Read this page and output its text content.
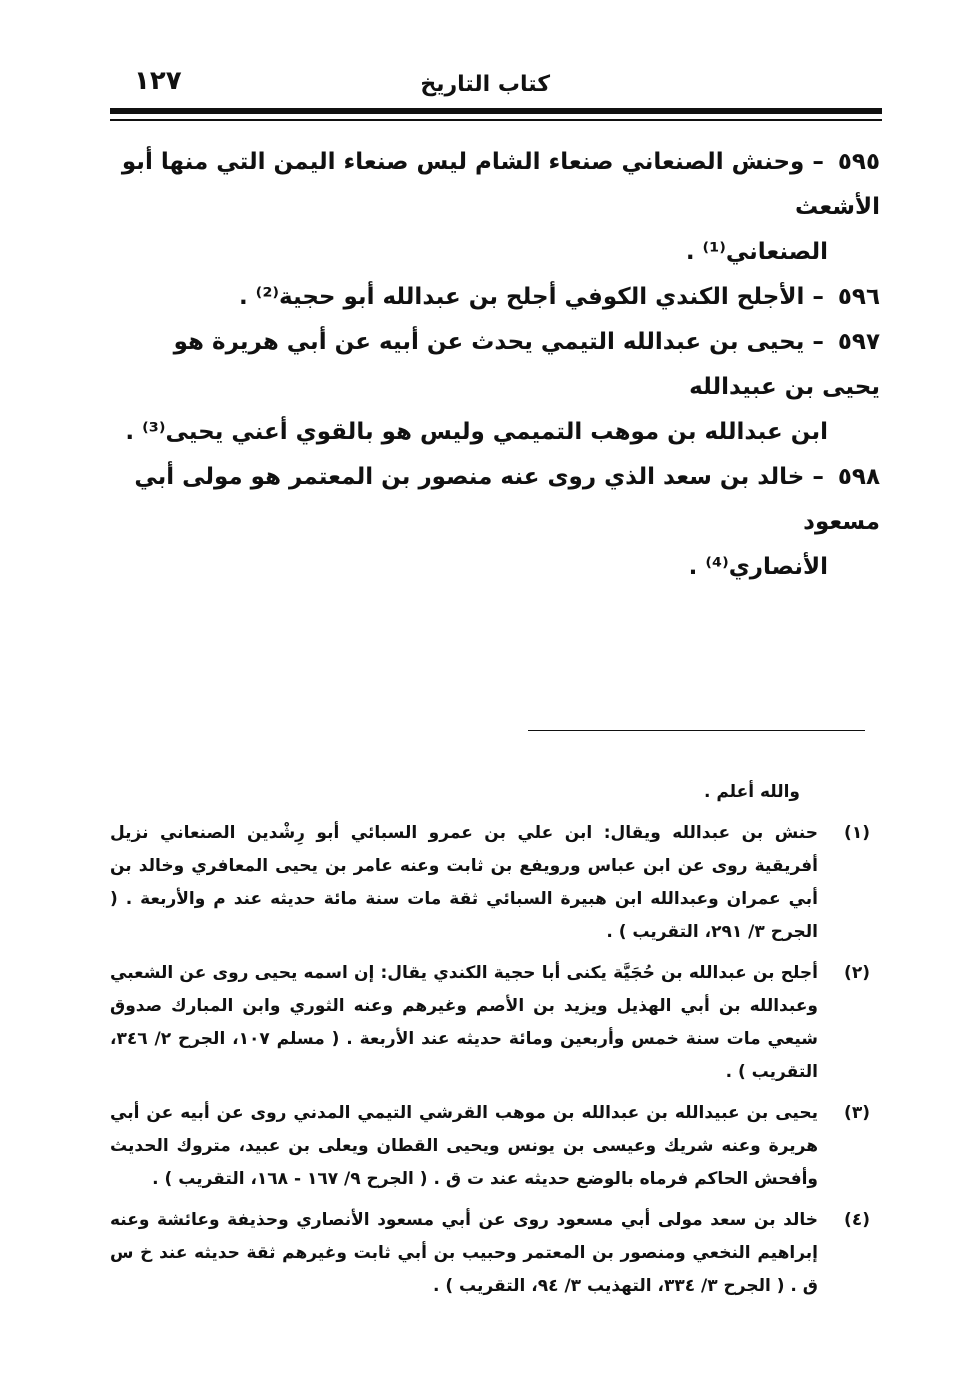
كتاب التاريخ
١٢٧

٥٩٥ – وحنش الصنعاني صنعاء الشام ليس صنعاء اليمن التي منها أبو الأشعث
الصنعاني⁽¹⁾ .

٥٩٦ – الأجلح الكندي الكوفي أجلح بن عبدالله أبو حجية⁽²⁾ .

٥٩٧ – يحيى بن عبدالله التيمي يحدث عن أبيه عن أبي هريرة هو يحيى بن عبيدالله
ابن عبدالله بن موهب التميمي وليس هو بالقوي أعني يحيى⁽³⁾ .

٥٩٨ – خالد بن سعد الذي روى عنه منصور بن المعتمر هو مولى أبي مسعود
الأنصاري⁽⁴⁾ .

والله أعلم .

(١)
حنش بن عبدالله ويقال: ابن علي بن عمرو السبائي أبو رِشْدين الصنعاني نزيل أفريقية روى عن ابن عباس ورويفع بن ثابت وعنه عامر بن يحيى المعافري وخالد بن أبي عمران وعبدالله ابن هبيرة السبائي ثقة مات سنة مائة حديثه عند م والأربعة . ( الجرح ٣/ ٢٩١، التقريب ) .
(٢)
أجلح بن عبدالله بن حُجَيَّة يكنى أبا حجية الكندي يقال: إن اسمه يحيى روى عن الشعبي وعبدالله بن أبي الهذيل ويزيد بن الأصم وغيرهم وعنه الثوري وابن المبارك صدوق شيعي مات سنة خمس وأربعين ومائة حديثه عند الأربعة . ( مسلم ١٠٧، الجرح ٢/ ٣٤٦، التقريب ) .
(٣)
يحيى بن عبيدالله بن عبدالله بن موهب القرشي التيمي المدني روى عن أبيه عن أبي هريرة وعنه شريك وعيسى بن يونس ويحيى القطان ويعلى بن عبيد، متروك الحديث وأفحش الحاكم فرماه بالوضع حديثه عند ت ق . ( الجرح ٩/ ١٦٧ - ١٦٨، التقريب ) .
(٤)
خالد بن سعد مولى أبي مسعود روى عن أبي مسعود الأنصاري وحذيفة وعائشة وعنه إبراهيم النخعي ومنصور بن المعتمر وحبيب بن أبي ثابت وغيرهم ثقة حديثه عند خ س ق . ( الجرح ٣/ ٣٣٤، التهذيب ٣/ ٩٤، التقريب ) .
